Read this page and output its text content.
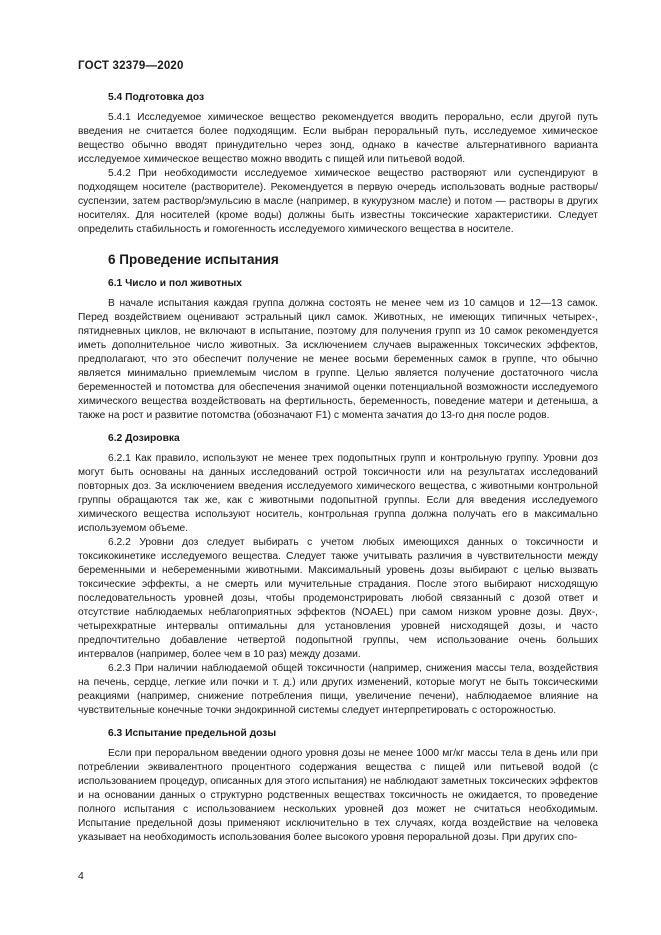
ГОСТ 32379—2020
5.4 Подготовка доз

5.4.1 Исследуемое химическое вещество рекомендуется вводить перорально, если другой путь введения не считается более подходящим. Если выбран пероральный путь, исследуемое химическое вещество обычно вводят принудительно через зонд, однако в качестве альтернативного варианта исследуемое химическое вещество можно вводить с пищей или питьевой водой.

5.4.2 При необходимости исследуемое химическое вещество растворяют или суспендируют в подходящем носителе (растворителе). Рекомендуется в первую очередь использовать водные растворы/суспензии, затем раствор/эмульсию в масле (например, в кукурузном масле) и потом — растворы в других носителях. Для носителей (кроме воды) должны быть известны токсические характеристики. Следует определить стабильность и гомогенность исследуемого химического вещества в носителе.

6 Проведение испытания
6.1 Число и пол животных

В начале испытания каждая группа должна состоять не менее чем из 10 самцов и 12—13 самок. Перед воздействием оценивают эстральный цикл самок. Животных, не имеющих типичных четырех-, пятидневных циклов, не включают в испытание, поэтому для получения групп из 10 самок рекомендуется иметь дополнительное число животных. За исключением случаев выраженных токсических эффектов, предполагают, что это обеспечит получение не менее восьми беременных самок в группе, что обычно является минимально приемлемым числом в группе. Целью является получение достаточного числа беременностей и потомства для обеспечения значимой оценки потенциальной возможности исследуемого химического вещества воздействовать на фертильность, беременность, поведение матери и детеныша, а также на рост и развитие потомства (обозначают F1) с момента зачатия до 13-го дня после родов.

6.2 Дозировка

6.2.1 Как правило, используют не менее трех подопытных групп и контрольную группу. Уровни доз могут быть основаны на данных исследований острой токсичности или на результатах исследований повторных доз. За исключением введения исследуемого химического вещества, с животными контрольной группы обращаются так же, как с животными подопытной группы. Если для введения исследуемого химического вещества используют носитель, контрольная группа должна получать его в максимально используемом объеме.

6.2.2 Уровни доз следует выбирать с учетом любых имеющихся данных о токсичности и токсикокинетике исследуемого вещества. Следует также учитывать различия в чувствительности между беременными и небеременными животными. Максимальный уровень дозы выбирают с целью вызвать токсические эффекты, а не смерть или мучительные страдания. После этого выбирают нисходящую последовательность уровней дозы, чтобы продемонстрировать любой связанный с дозой ответ и отсутствие наблюдаемых неблагоприятных эффектов (NOAEL) при самом низком уровне дозы. Двух-, четырехкратные интервалы оптимальны для установления уровней нисходящей дозы, и часто предпочтительно добавление четвертой подопытной группы, чем использование очень больших интервалов (например, более чем в 10 раз) между дозами.

6.2.3 При наличии наблюдаемой общей токсичности (например, снижения массы тела, воздействия на печень, сердце, легкие или почки и т. д.) или других изменений, которые могут не быть токсическими реакциями (например, снижение потребления пищи, увеличение печени), наблюдаемое влияние на чувствительные конечные точки эндокринной системы следует интерпретировать с осторожностью.

6.3 Испытание предельной дозы

Если при пероральном введении одного уровня дозы не менее 1000 мг/кг массы тела в день или при потреблении эквивалентного процентного содержания вещества с пищей или питьевой водой (с использованием процедур, описанных для этого испытания) не наблюдают заметных токсических эффектов и на основании данных о структурно родственных веществах токсичность не ожидается, то проведение полного испытания с использованием нескольких уровней доз может не считаться необходимым. Испытание предельной дозы применяют исключительно в тех случаях, когда воздействие на человека указывает на необходимость использования более высокого уровня пероральной дозы. При других спо-

4
